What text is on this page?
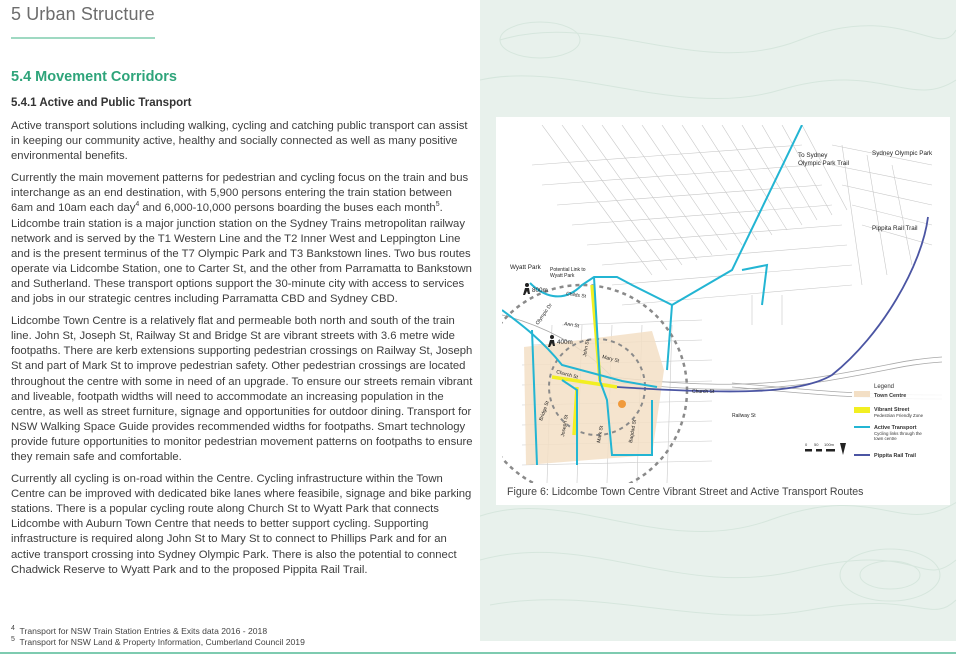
5 Urban Structure
5.4 Movement Corridors
5.4.1 Active and Public Transport

Active transport solutions including walking, cycling and catching public transport can assist in keeping our community active, healthy and socially connected as well as many positive environmental benefits.

Currently the main movement patterns for pedestrian and cycling focus on the train and bus interchange as an end destination, with 5,900 persons entering the train station between 6am and 10am each day$^4$ and 6,000-10,000 persons boarding the buses each month$^5$. Lidcombe train station is a major junction station on the Sydney Trains metropolitan railway network and is served by the T1 Western Line and the T2 Inner West and Leppington Line and is the present terminus of the T7 Olympic Park and T3 Bankstown lines. Two bus routes operate via Lidcombe Station, one to Carter St, and the other from Parramatta to Bankstown and Sutherland. These transport options support the 30-minute city with access to services and jobs in our strategic centres including Parramatta CBD and Sydney CBD.

Lidcombe Town Centre is a relatively flat and permeable both north and south of the train line. John St, Joseph St, Railway St and Bridge St are vibrant streets with 3.6 metre wide footpaths. There are kerb extensions supporting pedestrian crossings on Railway St, Joseph St and part of Mark St to improve pedestrian safety. Other pedestrian crossings are located throughout the centre with some in need of an upgrade. To ensure our streets remain vibrant and liveable, footpath widths will need to accommodate an increasing population in the centre, as well as street furniture, signage and opportunities for outdoor dining. Transport for NSW Walking Space Guide provides recommended widths for footpaths. Smart technology provide future opportunities to monitor pedestrian movement patterns on footpaths to ensure they remain safe and comfortable.

Currently all cycling is on-road within the Centre. Cycling infrastructure within the Town Centre can be improved with dedicated bike lanes where feasibile, signage and bike parking stations. There is a popular cycling route along Church St to Wyatt Park that connects Lidcombe with Auburn Town Centre that needs to better support cycling. Supporting infrastructure is required along John St to Mary St to connect to Phillips Park and for an active transport crossing into Sydney Olympic Park. There is also the potential to connect Chadwick Reserve to Wyatt Park and to the proposed Pippita Rail Trail.

$^4$ Transport for NSW Train Station Entries & Exits data 2016 - 2018
$^5$ Transport for NSW Land & Property Information, Cumberland Council 2019
To Sydney
Olympic Park Trail
Sydney Olympic Park
Pippita Rail Trail
Wyatt Park Potential Link to
Wyatt Park
800m
400m
Childs St
Olympic Dr Ann St
Mary St
John St
Church St
Church St
Railway St
Joseph St	Mark St
Bridge St
Bagdad St
Legend
Town Centre
Vibrant Street
Pedestrian Friendly Zone
Active Transport
Cycling links through the
town centre
Pippita Rail Trail
0 50 100m
Figure 6: Lidcombe Town Centre Vibrant Street and Active Transport Routes
